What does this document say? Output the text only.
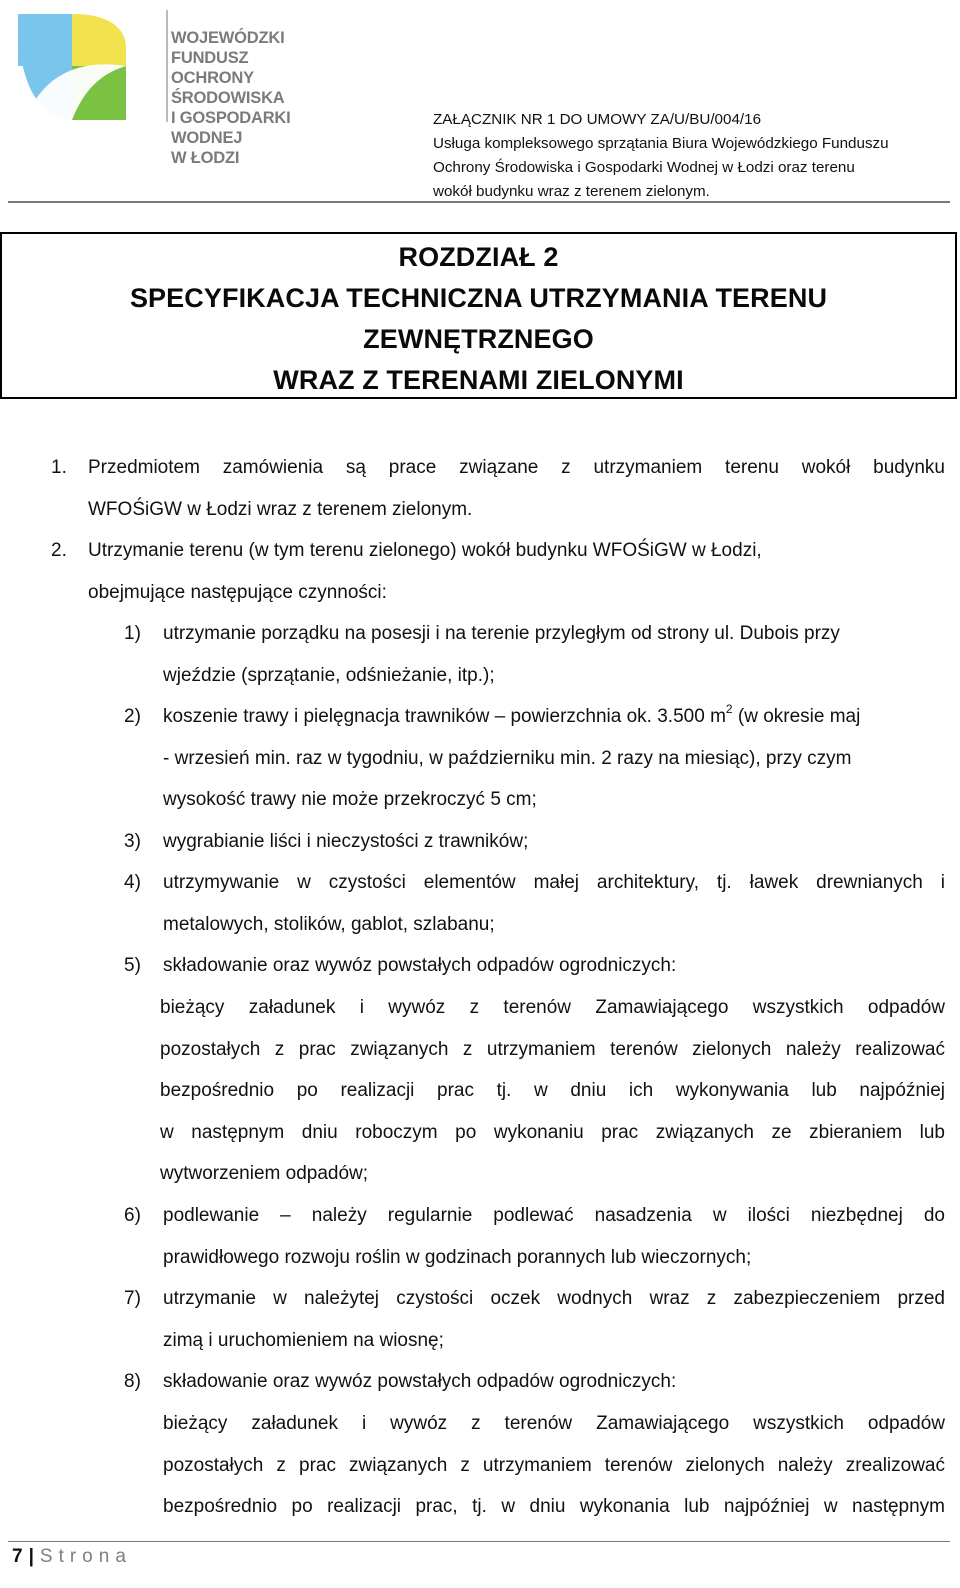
WOJEWÓDZKI FUNDUSZ
OCHRONY ŚRODOWISKA
I GOSPODARKI WODNEJ
W ŁODZI
ZAŁĄCZNIK NR 1 DO UMOWY ZA/U/BU/004/16
Usługa kompleksowego sprzątania Biura Wojewódzkiego Funduszu
Ochrony Środowiska i Gospodarki Wodnej w Łodzi oraz terenu
wokół budynku wraz z terenem zielonym.
ROZDZIAŁ 2
SPECYFIKACJA TECHNICZNA UTRZYMANIA TERENU
ZEWNĘTRZNEGO
WRAZ Z TERENAMI ZIELONYMI
1. Przedmiotem zamówienia są prace związane z utrzymaniem terenu wokół budynku
WFOŚiGW w Łodzi wraz z terenem zielonym.
2. Utrzymanie terenu (w tym terenu zielonego) wokół budynku WFOŚiGW w Łodzi,
obejmujące następujące czynności:
1) utrzymanie porządku na posesji i na terenie przyległym od strony ul. Dubois przy
wjeździe (sprzątanie, odśnieżanie, itp.);
2) koszenie trawy i pielęgnacja trawników – powierzchnia ok. 3.500 $m^2$ (w okresie maj
- wrzesień min. raz w tygodniu, w październiku min. 2 razy na miesiąc), przy czym
wysokość trawy nie może przekroczyć 5 cm;
3) wygrabianie liści i nieczystości z trawników;
4) utrzymywanie w czystości elementów małej architektury, tj. ławek drewnianych i
metalowych, stolików, gablot, szlabanu;
5) składowanie oraz wywóz powstałych odpadów ogrodniczych:
bieżący załadunek i wywóz z terenów Zamawiającego wszystkich odpadów
pozostałych z prac związanych z utrzymaniem terenów zielonych należy realizować
bezpośrednio po realizacji prac tj. w dniu ich wykonywania lub najpóźniej
w następnym dniu roboczym po wykonaniu prac związanych ze zbieraniem lub
wytworzeniem odpadów;
6) podlewanie – należy regularnie podlewać nasadzenia w ilości niezbędnej do
prawidłowego rozwoju roślin w godzinach porannych lub wieczornych;
7) utrzymanie w należytej czystości oczek wodnych wraz z zabezpieczeniem przed
zimą i uruchomieniem na wiosnę;
8) składowanie oraz wywóz powstałych odpadów ogrodniczych:
bieżący załadunek i wywóz z terenów Zamawiającego wszystkich odpadów
pozostałych z prac związanych z utrzymaniem terenów zielonych należy zrealizować
bezpośrednio po realizacji prac, tj. w dniu wykonania lub najpóźniej w następnym
7 | Strona
